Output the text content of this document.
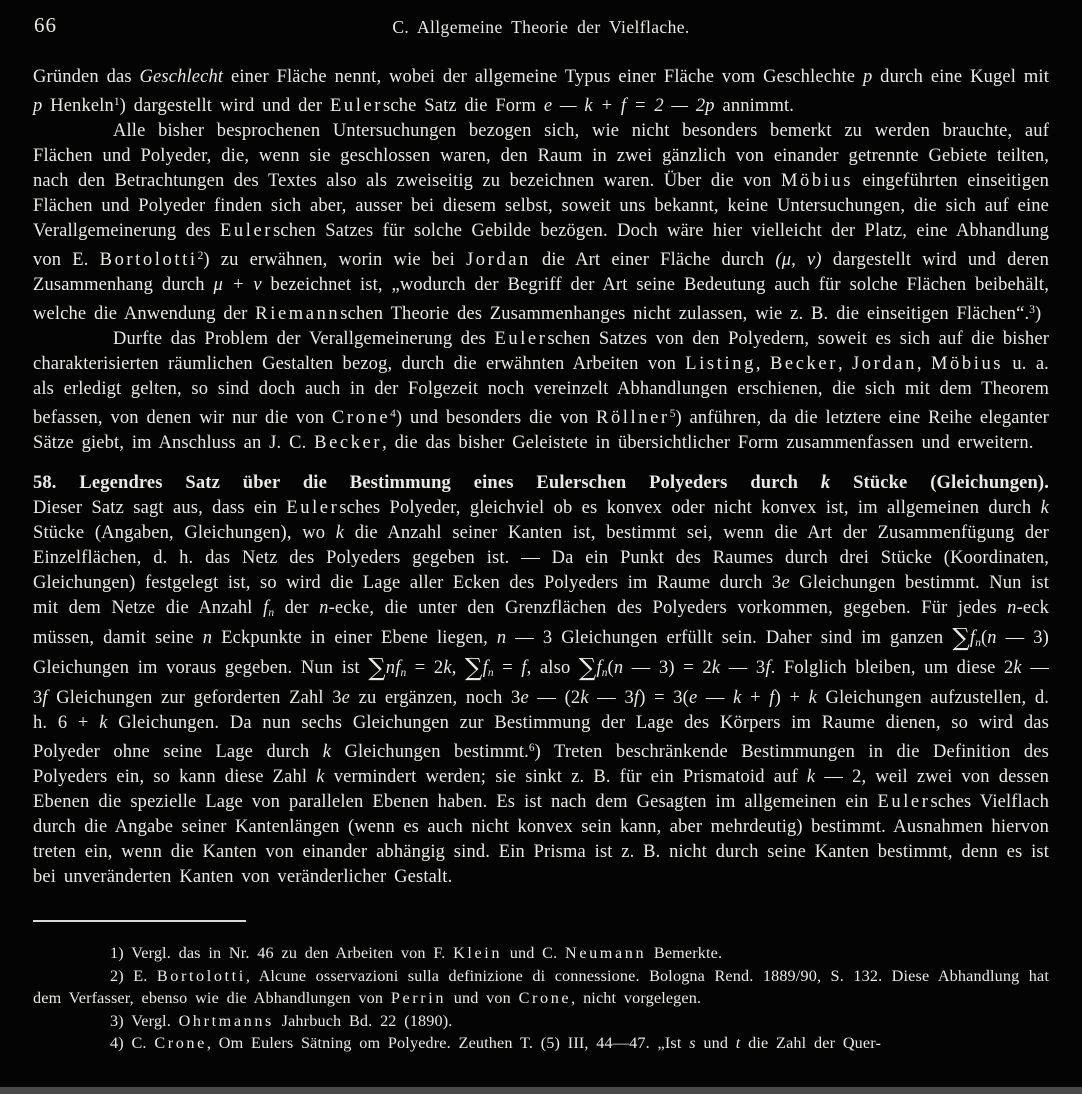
66	C. Allgemeine Theorie der Vielflache.

Gründen das Geschlecht einer Fläche nennt, wobei der allgemeine Typus einer Fläche vom Geschlechte p durch eine Kugel mit p Henkeln$^1$) dargestellt wird und der Eulersche Satz die Form e — k + f = 2 — 2p annimmt.

Alle bisher besprochenen Untersuchungen bezogen sich, wie nicht besonders bemerkt zu werden brauchte, auf Flächen und Polyeder, die, wenn sie geschlossen waren, den Raum in zwei gänzlich von einander getrennte Gebiete teilten, nach den Betrachtungen des Textes also als zweiseitig zu bezeichnen waren. Über die von Möbius eingeführten einseitigen Flächen und Polyeder finden sich aber, ausser bei diesem selbst, soweit uns bekannt, keine Untersuchungen, die sich auf eine Verallgemeinerung des Eulerschen Satzes für solche Gebilde bezögen. Doch wäre hier vielleicht der Platz, eine Abhandlung von E. Bortolotti$^2$) zu erwähnen, worin wie bei Jordan die Art einer Fläche durch (μ, ν) dargestellt wird und deren Zusammenhang durch μ + ν bezeichnet ist, „wodurch der Begriff der Art seine Bedeutung auch für solche Flächen beibehält, welche die Anwendung der Riemannschen Theorie des Zusammenhanges nicht zulassen, wie z. B. die einseitigen Flächen“.$^3$)

Durfte das Problem der Verallgemeinerung des Eulerschen Satzes von den Polyedern, soweit es sich auf die bisher charakterisierten räumlichen Gestalten bezog, durch die erwähnten Arbeiten von Listing, Becker, Jordan, Möbius u. a. als erledigt gelten, so sind doch auch in der Folgezeit noch vereinzelt Abhandlungen erschienen, die sich mit dem Theorem befassen, von denen wir nur die von Crone$^4$) und besonders die von Röllner$^5$) anführen, da die letztere eine Reihe eleganter Sätze giebt, im Anschluss an J. C. Becker, die das bisher Geleistete in übersichtlicher Form zusammenfassen und erweitern.

58. Legendres Satz über die Bestimmung eines Eulerschen Polyeders durch k Stücke (Gleichungen).

Dieser Satz sagt aus, dass ein Eulersches Polyeder, gleichviel ob es konvex oder nicht konvex ist, im allgemeinen durch k Stücke (Angaben, Gleichungen), wo k die Anzahl seiner Kanten ist, bestimmt sei, wenn die Art der Zusammenfügung der Einzelflächen, d. h. das Netz des Polyeders gegeben ist. — Da ein Punkt des Raumes durch drei Stücke (Koordinaten, Gleichungen) festgelegt ist, so wird die Lage aller Ecken des Polyeders im Raume durch 3e Gleichungen bestimmt. Nun ist mit dem Netze die Anzahl fn der n-ecke, die unter den Grenzflächen des Polyeders vorkommen, gegeben. Für jedes n-eck müssen, damit seine n Eckpunkte in einer Ebene liegen, n — 3 Gleichungen erfüllt sein. Daher sind im ganzen ∑fn(n — 3) Gleichungen im voraus gegeben. Nun ist ∑nfn = 2k, ∑fn = f, also ∑fn(n — 3) = 2k — 3f. Folglich bleiben, um diese 2k — 3f Gleichungen zur geforderten Zahl 3e zu ergänzen, noch 3e — (2k — 3f) = 3(e — k + f) + k Gleichungen aufzustellen, d. h. 6 + k Gleichungen. Da nun sechs Gleichungen zur Bestimmung der Lage des Körpers im Raume dienen, so wird das Polyeder ohne seine Lage durch k Gleichungen bestimmt.$^6$) Treten beschränkende Bestimmungen in die Definition des Polyeders ein, so kann diese Zahl k vermindert werden; sie sinkt z. B. für ein Prismatoid auf k — 2, weil zwei von dessen Ebenen die spezielle Lage von parallelen Ebenen haben. Es ist nach dem Gesagten im allgemeinen ein Eulersches Vielflach durch die Angabe seiner Kantenlängen (wenn es auch nicht konvex sein kann, aber mehrdeutig) bestimmt. Ausnahmen hiervon treten ein, wenn die Kanten von einander abhängig sind. Ein Prisma ist z. B. nicht durch seine Kanten bestimmt, denn es ist bei unveränderten Kanten von veränderlicher Gestalt.

1) Vergl. das in Nr. 46 zu den Arbeiten von F. Klein und C. Neumann Bemerkte.

2) E. Bortolotti, Alcune osservazioni sulla definizione di connessione. Bologna Rend. 1889/90, S. 132. Diese Abhandlung hat dem Verfasser, ebenso wie die Abhandlungen von Perrin und von Crone, nicht vorgelegen.

3) Vergl. Ohrtmanns Jahrbuch Bd. 22 (1890).

4) C. Crone, Om Eulers Sätning om Polyedre. Zeuthen T. (5) III, 44—47. „Ist s und t die Zahl der Quer-
